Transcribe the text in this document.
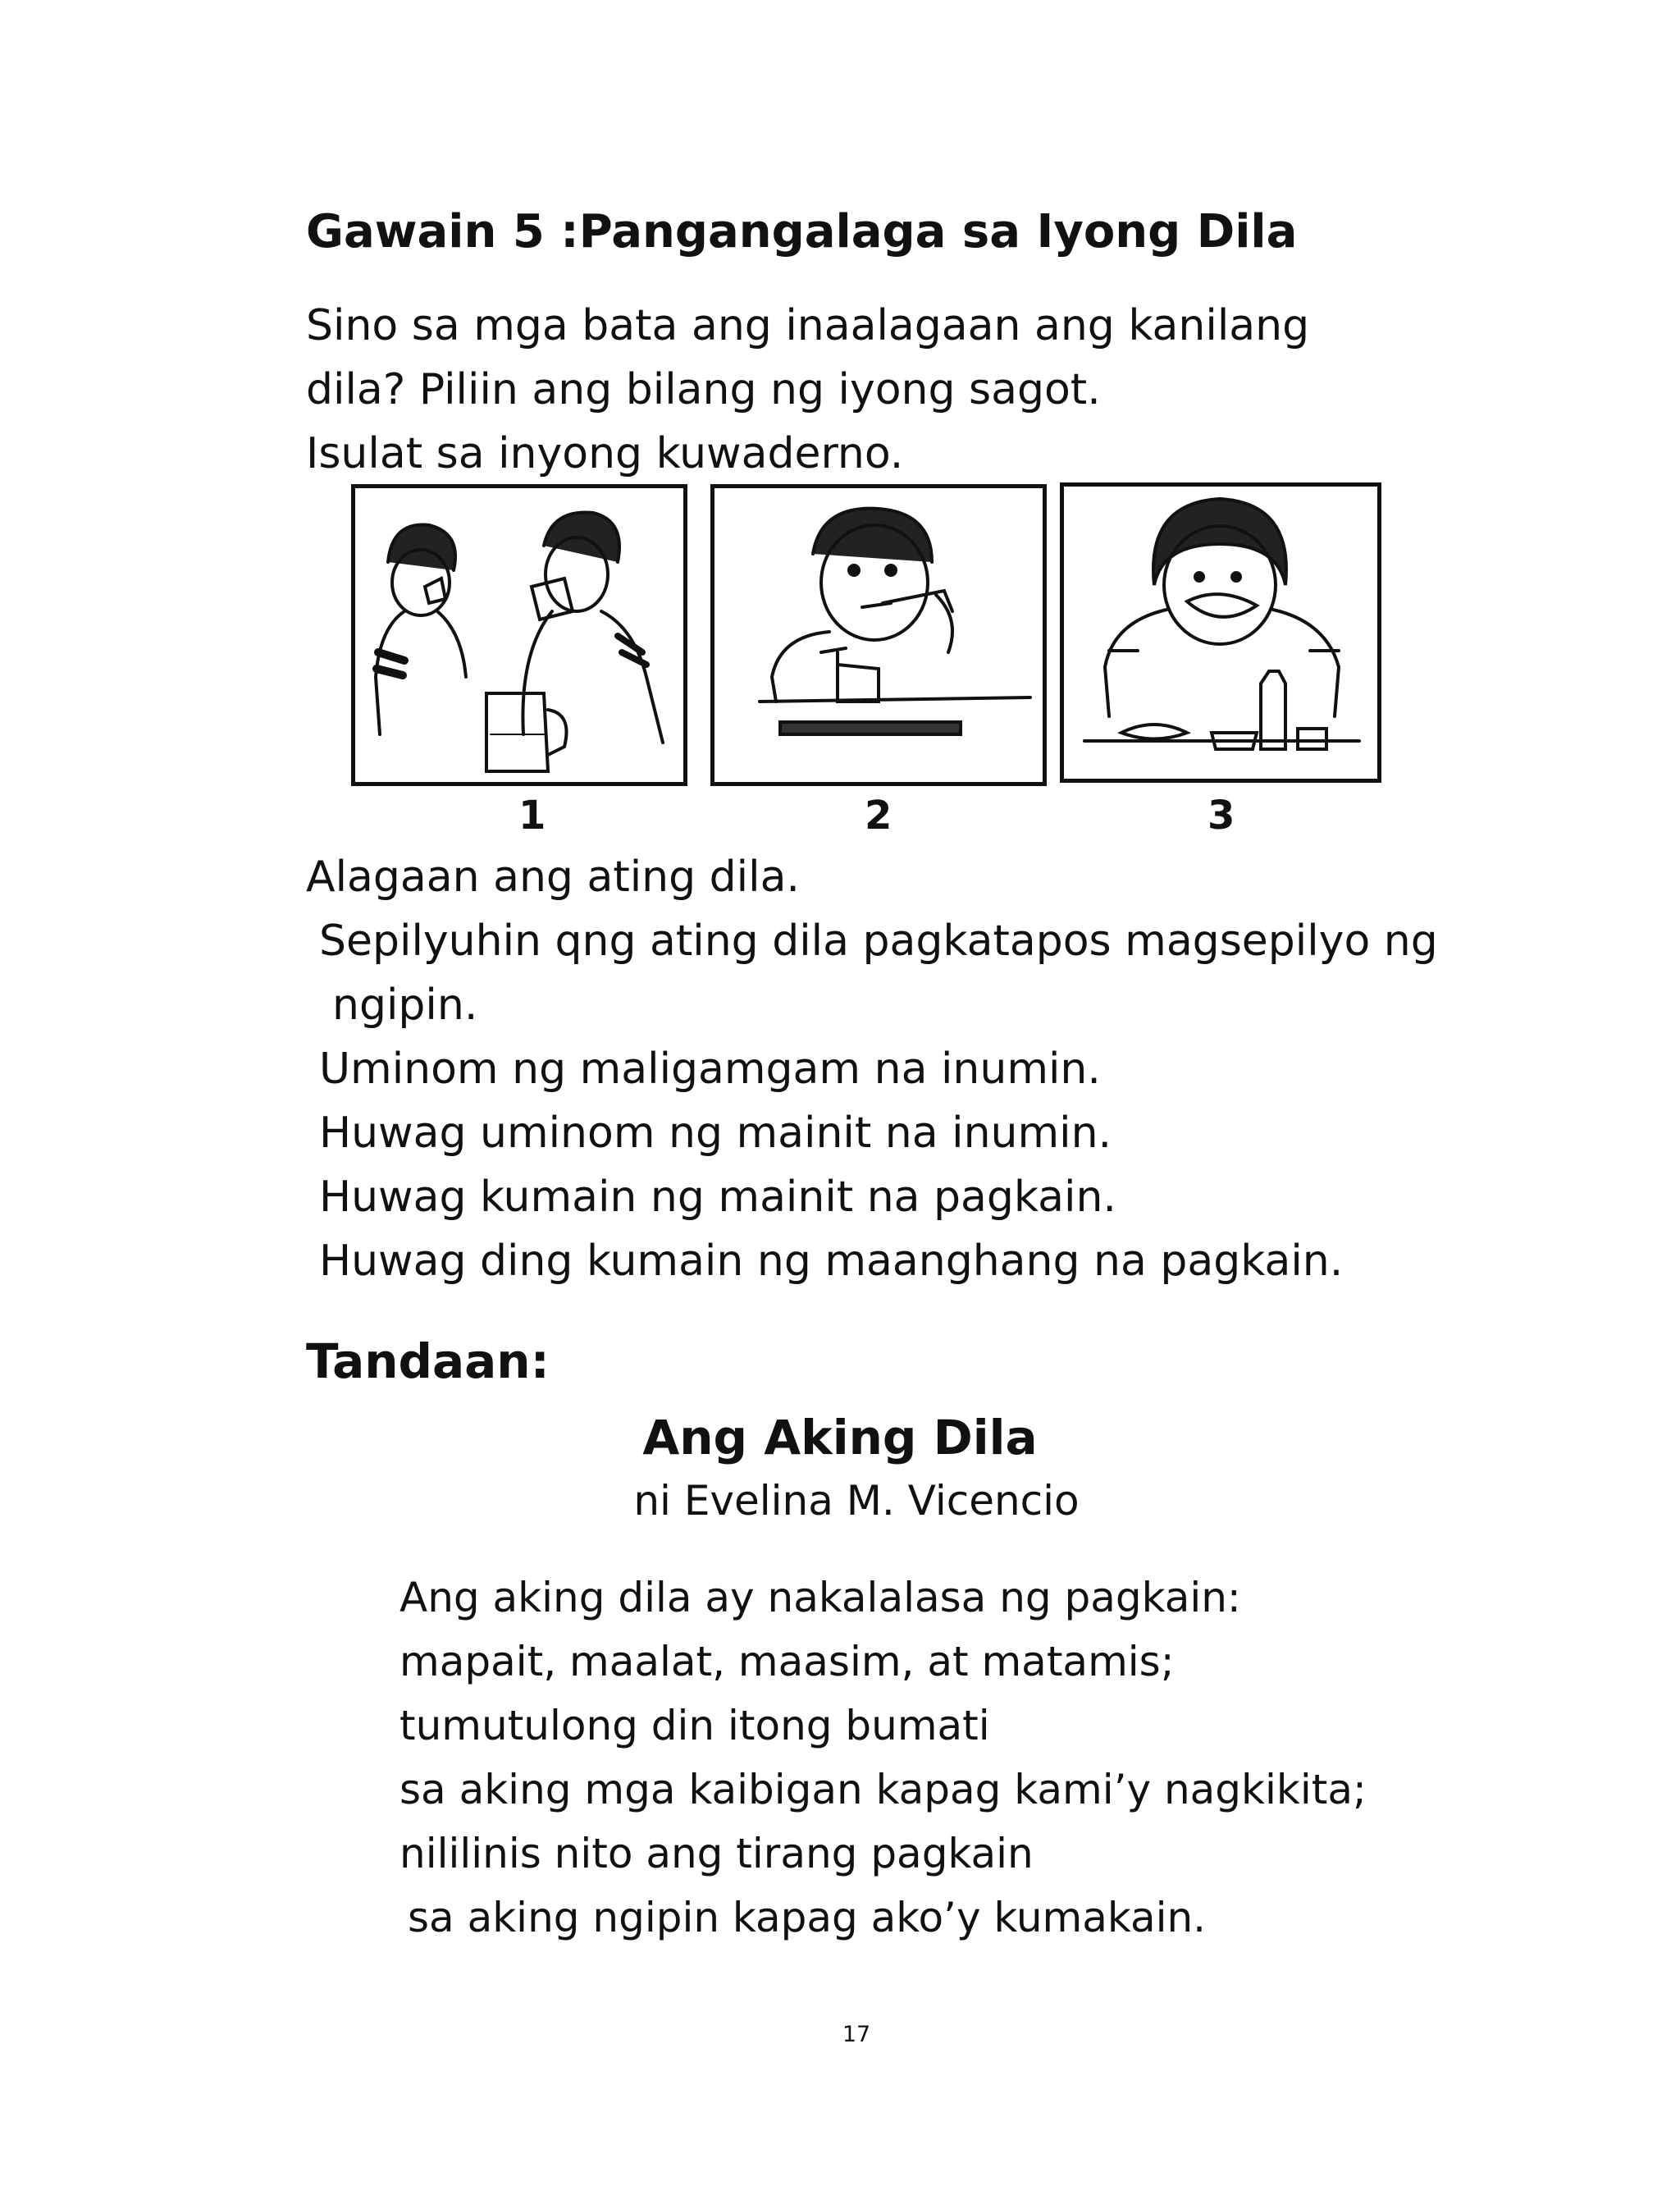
Gawain 5 :Pangangalaga sa Iyong Dila
Sino sa mga bata ang inaalagaan ang kanilang
dila? Piliin ang bilang ng iyong sagot.
Isulat sa inyong kuwaderno.
1	2	3
Alagaan ang ating dila.
Sepilyuhin qng ating dila pagkatapos magsepilyo ng
ngipin.
Uminom ng maligamgam na inumin.
Huwag uminom ng mainit na inumin.
Huwag kumain ng mainit na pagkain.
Huwag ding kumain ng maanghang na pagkain.
Tandaan:
Ang Aking Dila
ni Evelina M. Vicencio
Ang aking dila ay nakalalasa ng pagkain:
mapait, maalat, maasim, at matamis;
tumutulong din itong bumati
sa aking mga kaibigan kapag kami’y nagkikita;
nililinis nito ang tirang pagkain
sa aking ngipin kapag ako’y kumakain.
17
